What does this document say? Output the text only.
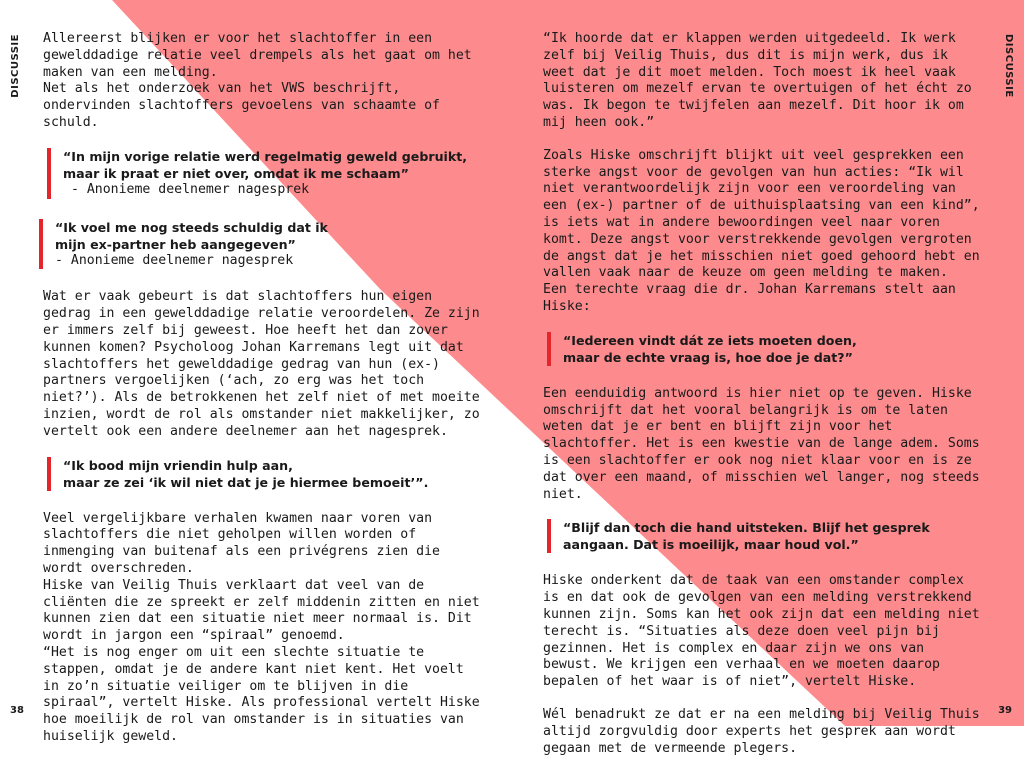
DISCUSSIE Allereerst blijken er voor het slachtoffer in een gewelddadige relatie veel drempels als het gaat om het maken van een melding.
Net als het onderzoek van het VWS beschrijft, ondervinden slachtoffers gevoelens van schaamte of schuld.

“In mijn vorige relatie werd regelmatig geweld gebruikt,
maar ik praat er niet over, omdat ik me schaam”
- Anonieme deelnemer nagesprek
“Ik voel me nog steeds schuldig dat ik
mijn ex-partner heb aangegeven”
- Anonieme deelnemer nagesprek

Wat er vaak gebeurt is dat slachtoffers hun eigen gedrag in een gewelddadige relatie veroordelen. Ze zijn er immers zelf bij geweest. Hoe heeft het dan zover kunnen komen? Psycholoog Johan Karremans legt uit dat slachtoffers het gewelddadige gedrag van hun (ex-) partners vergoelijken (‘ach, zo erg was het toch niet?’). Als de betrokkenen het zelf niet of met moeite inzien, wordt de rol als omstander niet makkelijker, zo vertelt ook een andere deelnemer aan het nagesprek.

“Ik bood mijn vriendin hulp aan,
maar ze zei ‘ik wil niet dat je je hiermee bemoeit’”.

Veel vergelijkbare verhalen kwamen naar voren van slachtoffers die niet geholpen willen worden of inmenging van buitenaf als een privégrens zien die wordt overschreden.
Hiske van Veilig Thuis verklaart dat veel van de cliënten die ze spreekt er zelf middenin zitten en niet kunnen zien dat een situatie niet meer normaal is. Dit wordt in jargon een “spiraal” genoemd.
“Het is nog enger om uit een slechte situatie te stappen, omdat je de andere kant niet kent. Het voelt in zo’n situatie veiliger om te blijven in die spiraal”, vertelt Hiske. Als professional vertelt Hiske hoe moeilijk de rol van omstander is in situaties van huiselijk geweld.

38
DISCUSSIE

“Ik hoorde dat er klappen werden uitgedeeld. Ik werk zelf bij Veilig Thuis, dus dit is mijn werk, dus ik weet dat je dit moet melden. Toch moest ik heel vaak luisteren om mezelf ervan te overtuigen of het écht zo was. Ik begon te twijfelen aan mezelf. Dit hoor ik om mij heen ook.”

Zoals Hiske omschrijft blijkt uit veel gesprekken een sterke angst voor de gevolgen van hun acties: “Ik wil niet verantwoordelijk zijn voor een veroordeling van een (ex-) partner of de uithuisplaatsing van een kind”, is iets wat in andere bewoordingen veel naar voren komt. Deze angst voor verstrekkende gevolgen vergroten de angst dat je het misschien niet goed gehoord hebt en vallen vaak naar de keuze om geen melding te maken.
Een terechte vraag die dr. Johan Karremans stelt aan Hiske:

“Iedereen vindt dát ze iets moeten doen,
maar de echte vraag is, hoe doe je dat?”

Een eenduidig antwoord is hier niet op te geven. Hiske omschrijft dat het vooral belangrijk is om te laten weten dat je er bent en blijft zijn voor het slachtoffer. Het is een kwestie van de lange adem. Soms is een slachtoffer er ook nog niet klaar voor en is ze dat over een maand, of misschien wel langer, nog steeds niet.

“Blijf dan toch die hand uitsteken. Blijf het gesprek
aangaan. Dat is moeilijk, maar houd vol.”

Hiske onderkent dat de taak van een omstander complex is en dat ook de gevolgen van een melding verstrekkend kunnen zijn. Soms kan het ook zijn dat een melding niet terecht is. “Situaties als deze doen veel pijn bij gezinnen. Het is complex en daar zijn we ons van bewust. We krijgen een verhaal en we moeten daarop bepalen of het waar is of niet”, vertelt Hiske.

Wél benadrukt ze dat er na een melding bij Veilig Thuis altijd zorgvuldig door experts het gesprek aan wordt gegaan met de vermeende plegers.

39
